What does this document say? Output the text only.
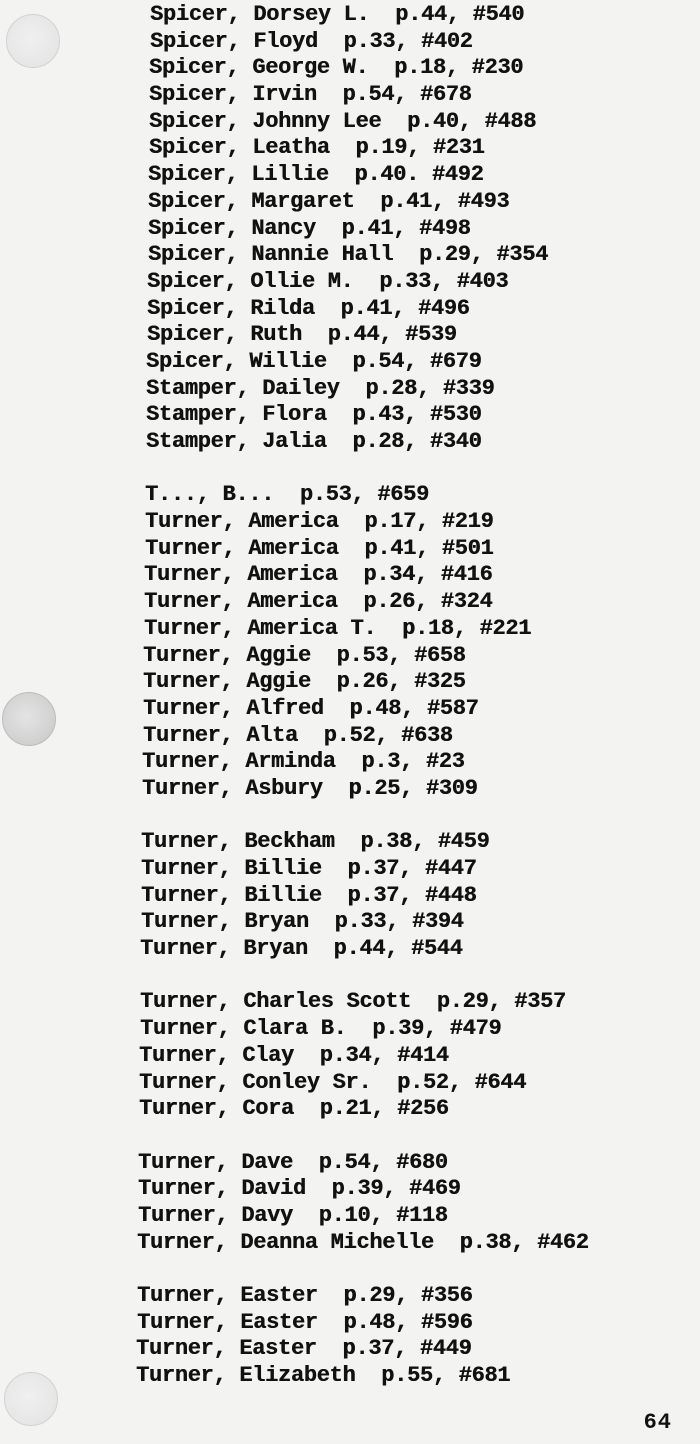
Spicer, Dorsey L.  p.44, #540
Spicer, Floyd  p.33, #402
Spicer, George W.  p.18, #230
Spicer, Irvin  p.54, #678
Spicer, Johnny Lee  p.40, #488
Spicer, Leatha  p.19, #231
Spicer, Lillie  p.40. #492
Spicer, Margaret  p.41, #493
Spicer, Nancy  p.41, #498
Spicer, Nannie Hall  p.29, #354
Spicer, Ollie M.  p.33, #403
Spicer, Rilda  p.41, #496
Spicer, Ruth  p.44, #539
Spicer, Willie  p.54, #679
Stamper, Dailey  p.28, #339
Stamper, Flora  p.43, #530
Stamper, Jalia  p.28, #340
T..., B...  p.53, #659
Turner, America  p.17, #219
Turner, America  p.41, #501
Turner, America  p.34, #416
Turner, America  p.26, #324
Turner, America T.  p.18, #221
Turner, Aggie  p.53, #658
Turner, Aggie  p.26, #325
Turner, Alfred  p.48, #587
Turner, Alta  p.52, #638
Turner, Arminda  p.3, #23
Turner, Asbury  p.25, #309
Turner, Beckham  p.38, #459
Turner, Billie  p.37, #447
Turner, Billie  p.37, #448
Turner, Bryan  p.33, #394
Turner, Bryan  p.44, #544
Turner, Charles Scott  p.29, #357
Turner, Clara B.  p.39, #479
Turner, Clay  p.34, #414
Turner, Conley Sr.  p.52, #644
Turner, Cora  p.21, #256
Turner, Dave  p.54, #680
Turner, David  p.39, #469
Turner, Davy  p.10, #118
Turner, Deanna Michelle  p.38, #462
Turner, Easter  p.29, #356
Turner, Easter  p.48, #596
Turner, Easter  p.37, #449
Turner, Elizabeth  p.55, #681
64
